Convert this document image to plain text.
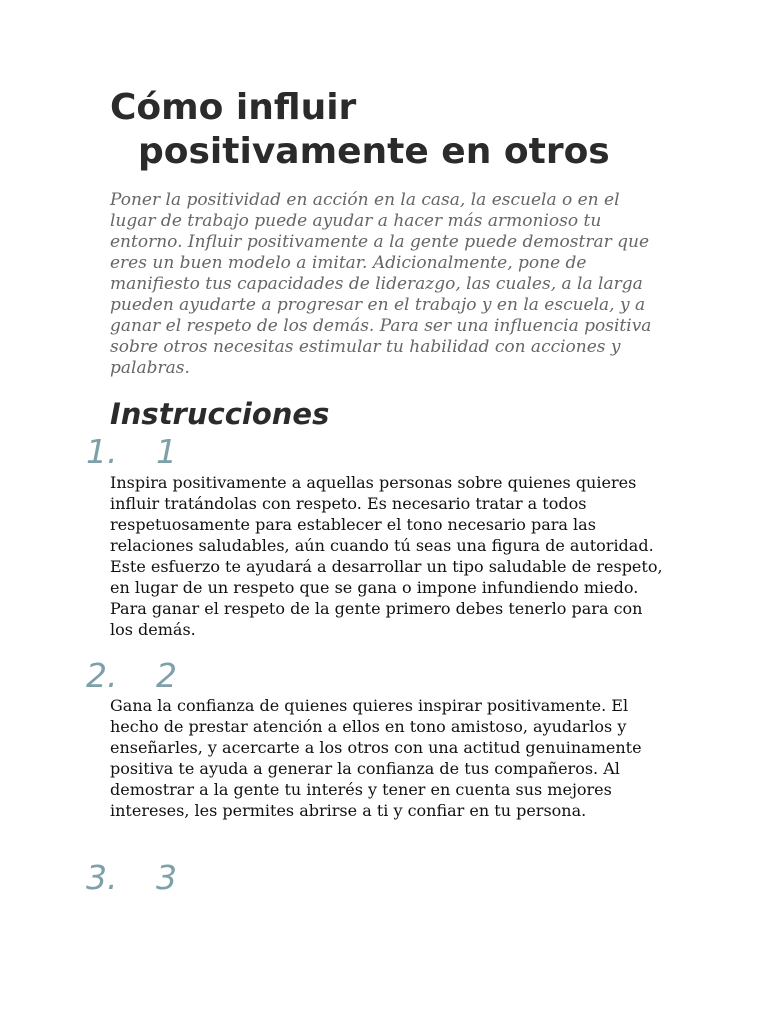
Cómo influir
positivamente en otros

Poner la positividad en acción en la casa, la escuela o en el lugar de trabajo puede ayudar a hacer más armonioso tu entorno. Influir positivamente a la gente puede demostrar que eres un buen modelo a imitar. Adicionalmente, pone de manifiesto tus capacidades de liderazgo, las cuales, a la larga pueden ayudarte a progresar en el trabajo y en la escuela, y a ganar el respeto de los demás. Para ser una influencia positiva sobre otros necesitas estimular tu habilidad con acciones y palabras.

Instrucciones
1. 1

Inspira positivamente a aquellas personas sobre quienes quieres influir tratándolas con respeto. Es necesario tratar a todos respetuosamente para establecer el tono necesario para las relaciones saludables, aún cuando tú seas una figura de autoridad. Este esfuerzo te ayudará a desarrollar un tipo saludable de respeto, en lugar de un respeto que se gana o impone infundiendo miedo. Para ganar el respeto de la gente primero debes tenerlo para con los demás.

2. 2

Gana la confianza de quienes quieres inspirar positivamente. El hecho de prestar atención a ellos en tono amistoso, ayudarlos y enseñarles, y acercarte a los otros con una actitud genuinamente positiva te ayuda a generar la confianza de tus compañeros. Al demostrar a la gente tu interés y tener en cuenta sus mejores intereses, les permites abrirse a ti y confiar en tu persona.

3. 3
